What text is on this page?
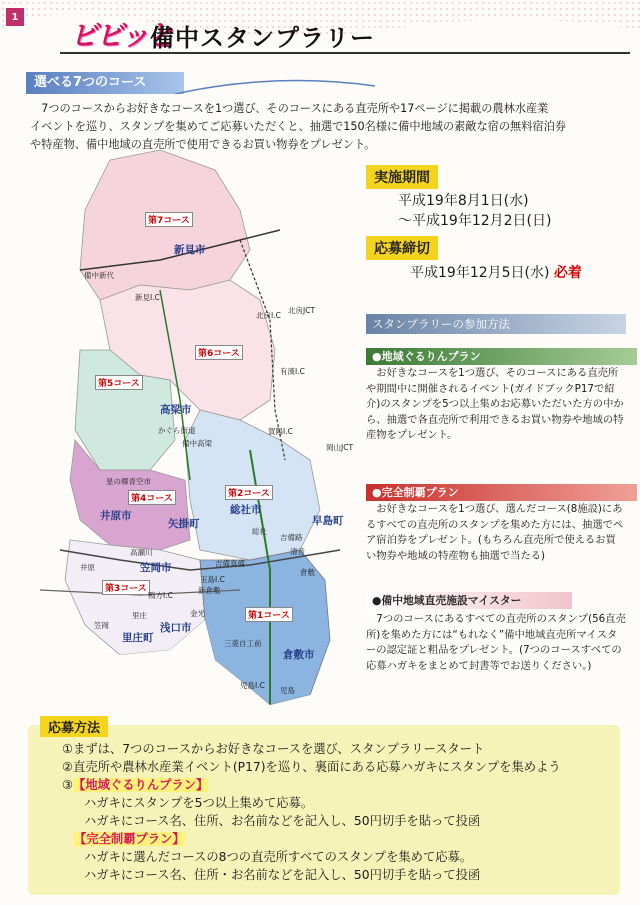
1
ビビッと
備中スタンプラリー
選べる7つのコース
　7つのコースからお好きなコースを1つ選び、そのコースにある直売所や17ページに掲載の農林水産業
イベントを巡り、スタンプを集めてご応募いただくと、抽選で150名様に備中地域の素敵な宿の無料宿泊券
や特産物、備中地域の直売所で使用できるお買い物券をプレゼント。
第7コース
第6コース
第5コース
第4コース	第2コース
第3コース
第1コース
新見市
高梁市
井原市
矢掛町
総社市
早島町
笠岡市
浅口市
里庄町
倉敷市
備中新代
新見I.C
北房JCT
北房I.C
有漢I.C
賀陽I.C
岡山JCT
かぐら街道
備中高梁
星の郷青空市
総社
清音
倉敷
玉島I.C
新倉敷
鴨方I.C
笠岡
金光
里庄
三菱自工前
児島I.C
児島
吉備真備
井原
高瀬川
吉備路
実施期間
平成19年8月1日(水)
〜平成19年12月2日(日)
応募締切
平成19年12月5日(水) 必着
スタンプラリーの参加方法
●地域ぐるりんプラン
お好きなコースを1つ選び、そのコースにある直売所や期間中に開催されるイベント(ガイドブックP17で紹介)のスタンプを5つ以上集めお応募いただいた方の中から、抽選で各直売所で利用できるお買い物券や地域の特産物をプレゼント。
●完全制覇プラン
お好きなコースを1つ選び、選んだコース(8施設)にあるすべての直売所のスタンプを集めた方には、抽選でペア宿泊券をプレゼント。(もちろん直売所で使えるお買い物券や地域の特産物も抽選で当たる)
●備中地域直売施設マイスター
7つのコースにあるすべての直売所のスタンプ(56直売所)を集めた方には“もれなく”備中地域直売所マイスターの認定証と粗品をプレゼント。(7つのコースすべての応募ハガキをまとめて封書等でお送りください。)
応募方法
①まずは、7つのコースからお好きなコースを選び、スタンプラリースタート
②直売所や農林水産業イベント(P17)を巡り、裏面にある応募ハガキにスタンプを集めよう
③【地域ぐるりんプラン】
ハガキにスタンプを5つ以上集めて応募。
ハガキにコース名、住所、お名前などを記入し、50円切手を貼って投函
【完全制覇プラン】
ハガキに選んだコースの8つの直売所すべてのスタンプを集めて応募。
ハガキにコース名、住所・お名前などを記入し、50円切手を貼って投函
